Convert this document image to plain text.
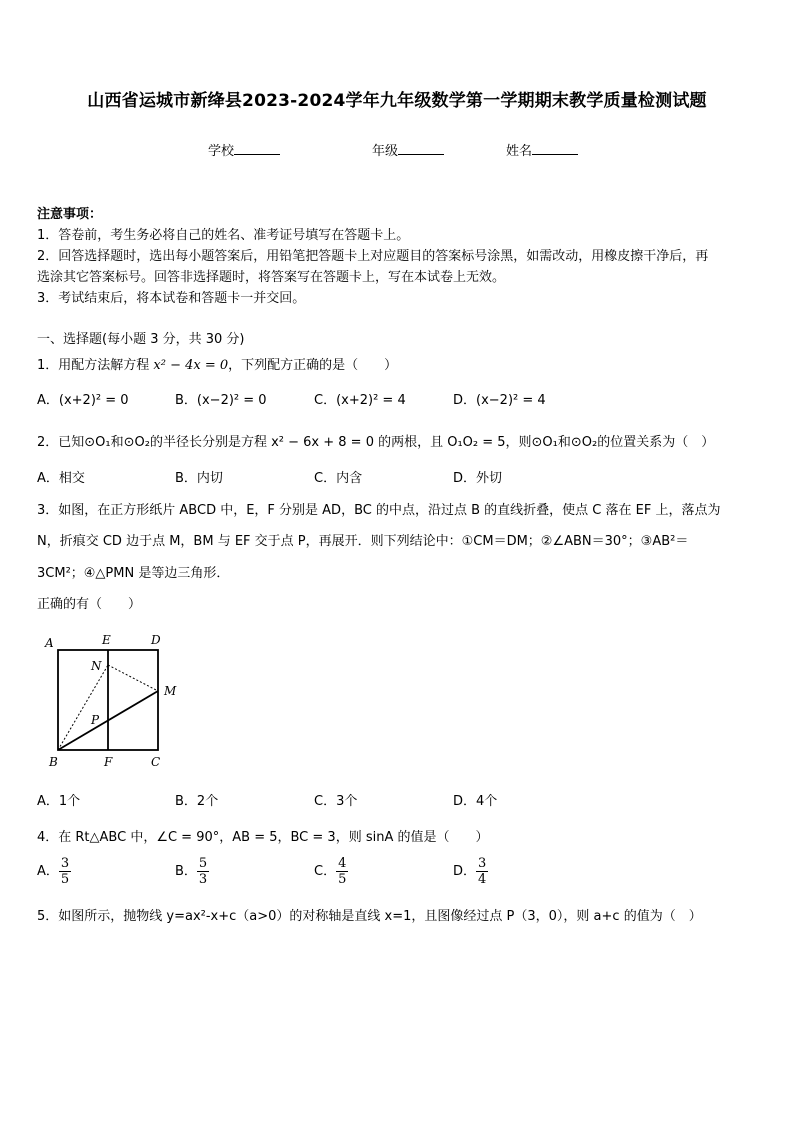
山西省运城市新绛县2023-2024学年九年级数学第一学期期末教学质量检测试题
学校	年级	姓名
注意事项：
1．答卷前，考生务必将自己的姓名、准考证号填写在答题卡上。
2．回答选择题时，选出每小题答案后，用铅笔把答题卡上对应题目的答案标号涂黑，如需改动，用橡皮擦干净后，再
选涂其它答案标号。回答非选择题时，将答案写在答题卡上，写在本试卷上无效。
3．考试结束后，将本试卷和答题卡一并交回。
一、选择题(每小题 3 分，共 30 分)
1．用配方法解方程 x² − 4x = 0，下列配方正确的是（　　）
A．(x+2)² = 0	B．(x−2)² = 0	C．(x+2)² = 4	D．(x−2)² = 4
2．已知⊙O₁和⊙O₂的半径长分别是方程 x² − 6x + 8 = 0 的两根，且 O₁O₂ = 5，则⊙O₁和⊙O₂的位置关系为（　）
A．相交	B．内切	C．内含	D．外切
3．如图，在正方形纸片 ABCD 中，E，F 分别是 AD，BC 的中点，沿过点 B 的直线折叠，使点 C 落在 EF 上，落点为
N，折痕交 CD 边于点 M，BM 与 EF 交于点 P，再展开．则下列结论中：①CM＝DM；②∠ABN＝30°；③AB²＝
3CM²；④△PMN 是等边三角形．
正确的有（　　）
A	E	D
N
M
P
B	F	C
A．1个	B．2个	C．3个	D．4个
4．在 Rt△ABC 中，∠C = 90°，AB = 5，BC = 3，则 sinA 的值是（　　）
A． $\frac{3}{5}$	B． $\frac{5}{3}$	C． $\frac{4}{5}$	D． $\frac{3}{4}$
5．如图所示，抛物线 y=ax²-x+c（a>0）的对称轴是直线 x=1，且图像经过点 P（3，0），则 a+c 的值为（　）
